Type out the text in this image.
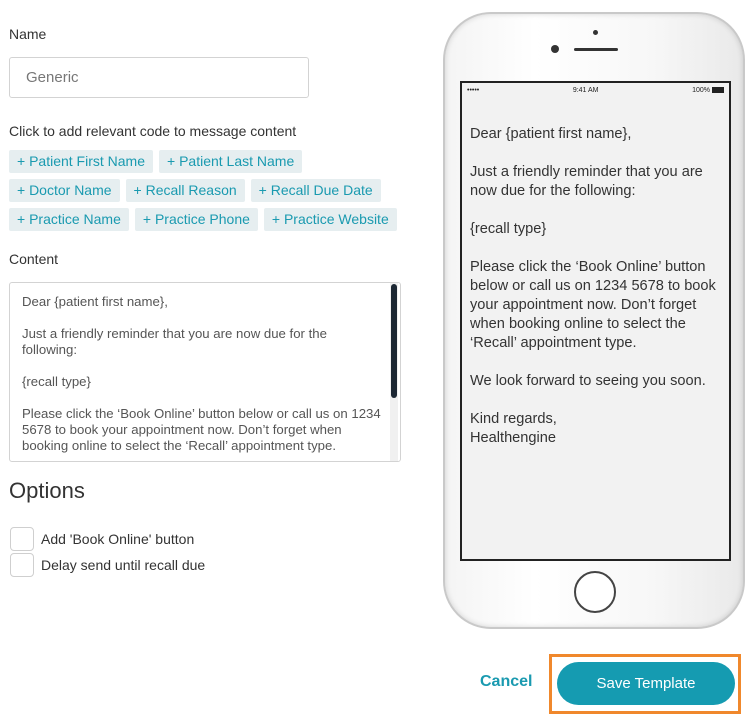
Name
Generic
Click to add relevant code to message content
+ Patient First Name	+ Patient Last Name
+ Doctor Name	+ Recall Reason	+ Recall Due Date
+ Practice Name	+ Practice Phone	+ Practice Website
Content
Dear {patient first name},

Just a friendly reminder that you are now due for the following:

{recall type}

Please click the ‘Book Online’ button below or call us on 1234 5678 to book your appointment now. Don’t forget when booking online to select the ‘Recall’ appointment type.
Options
Add 'Book Online' button
Delay send until recall due
•••••	9:41 AM	100%
Dear {patient first name},

Just a friendly reminder that you are now due for the following:

{recall type}

Please click the ‘Book Online’ button below or call us on 1234 5678 to book your appointment now. Don’t forget when booking online to select the ‘Recall’ appointment type.

We look forward to seeing you soon.

Kind regards,
Healthengine
Cancel	Save Template
